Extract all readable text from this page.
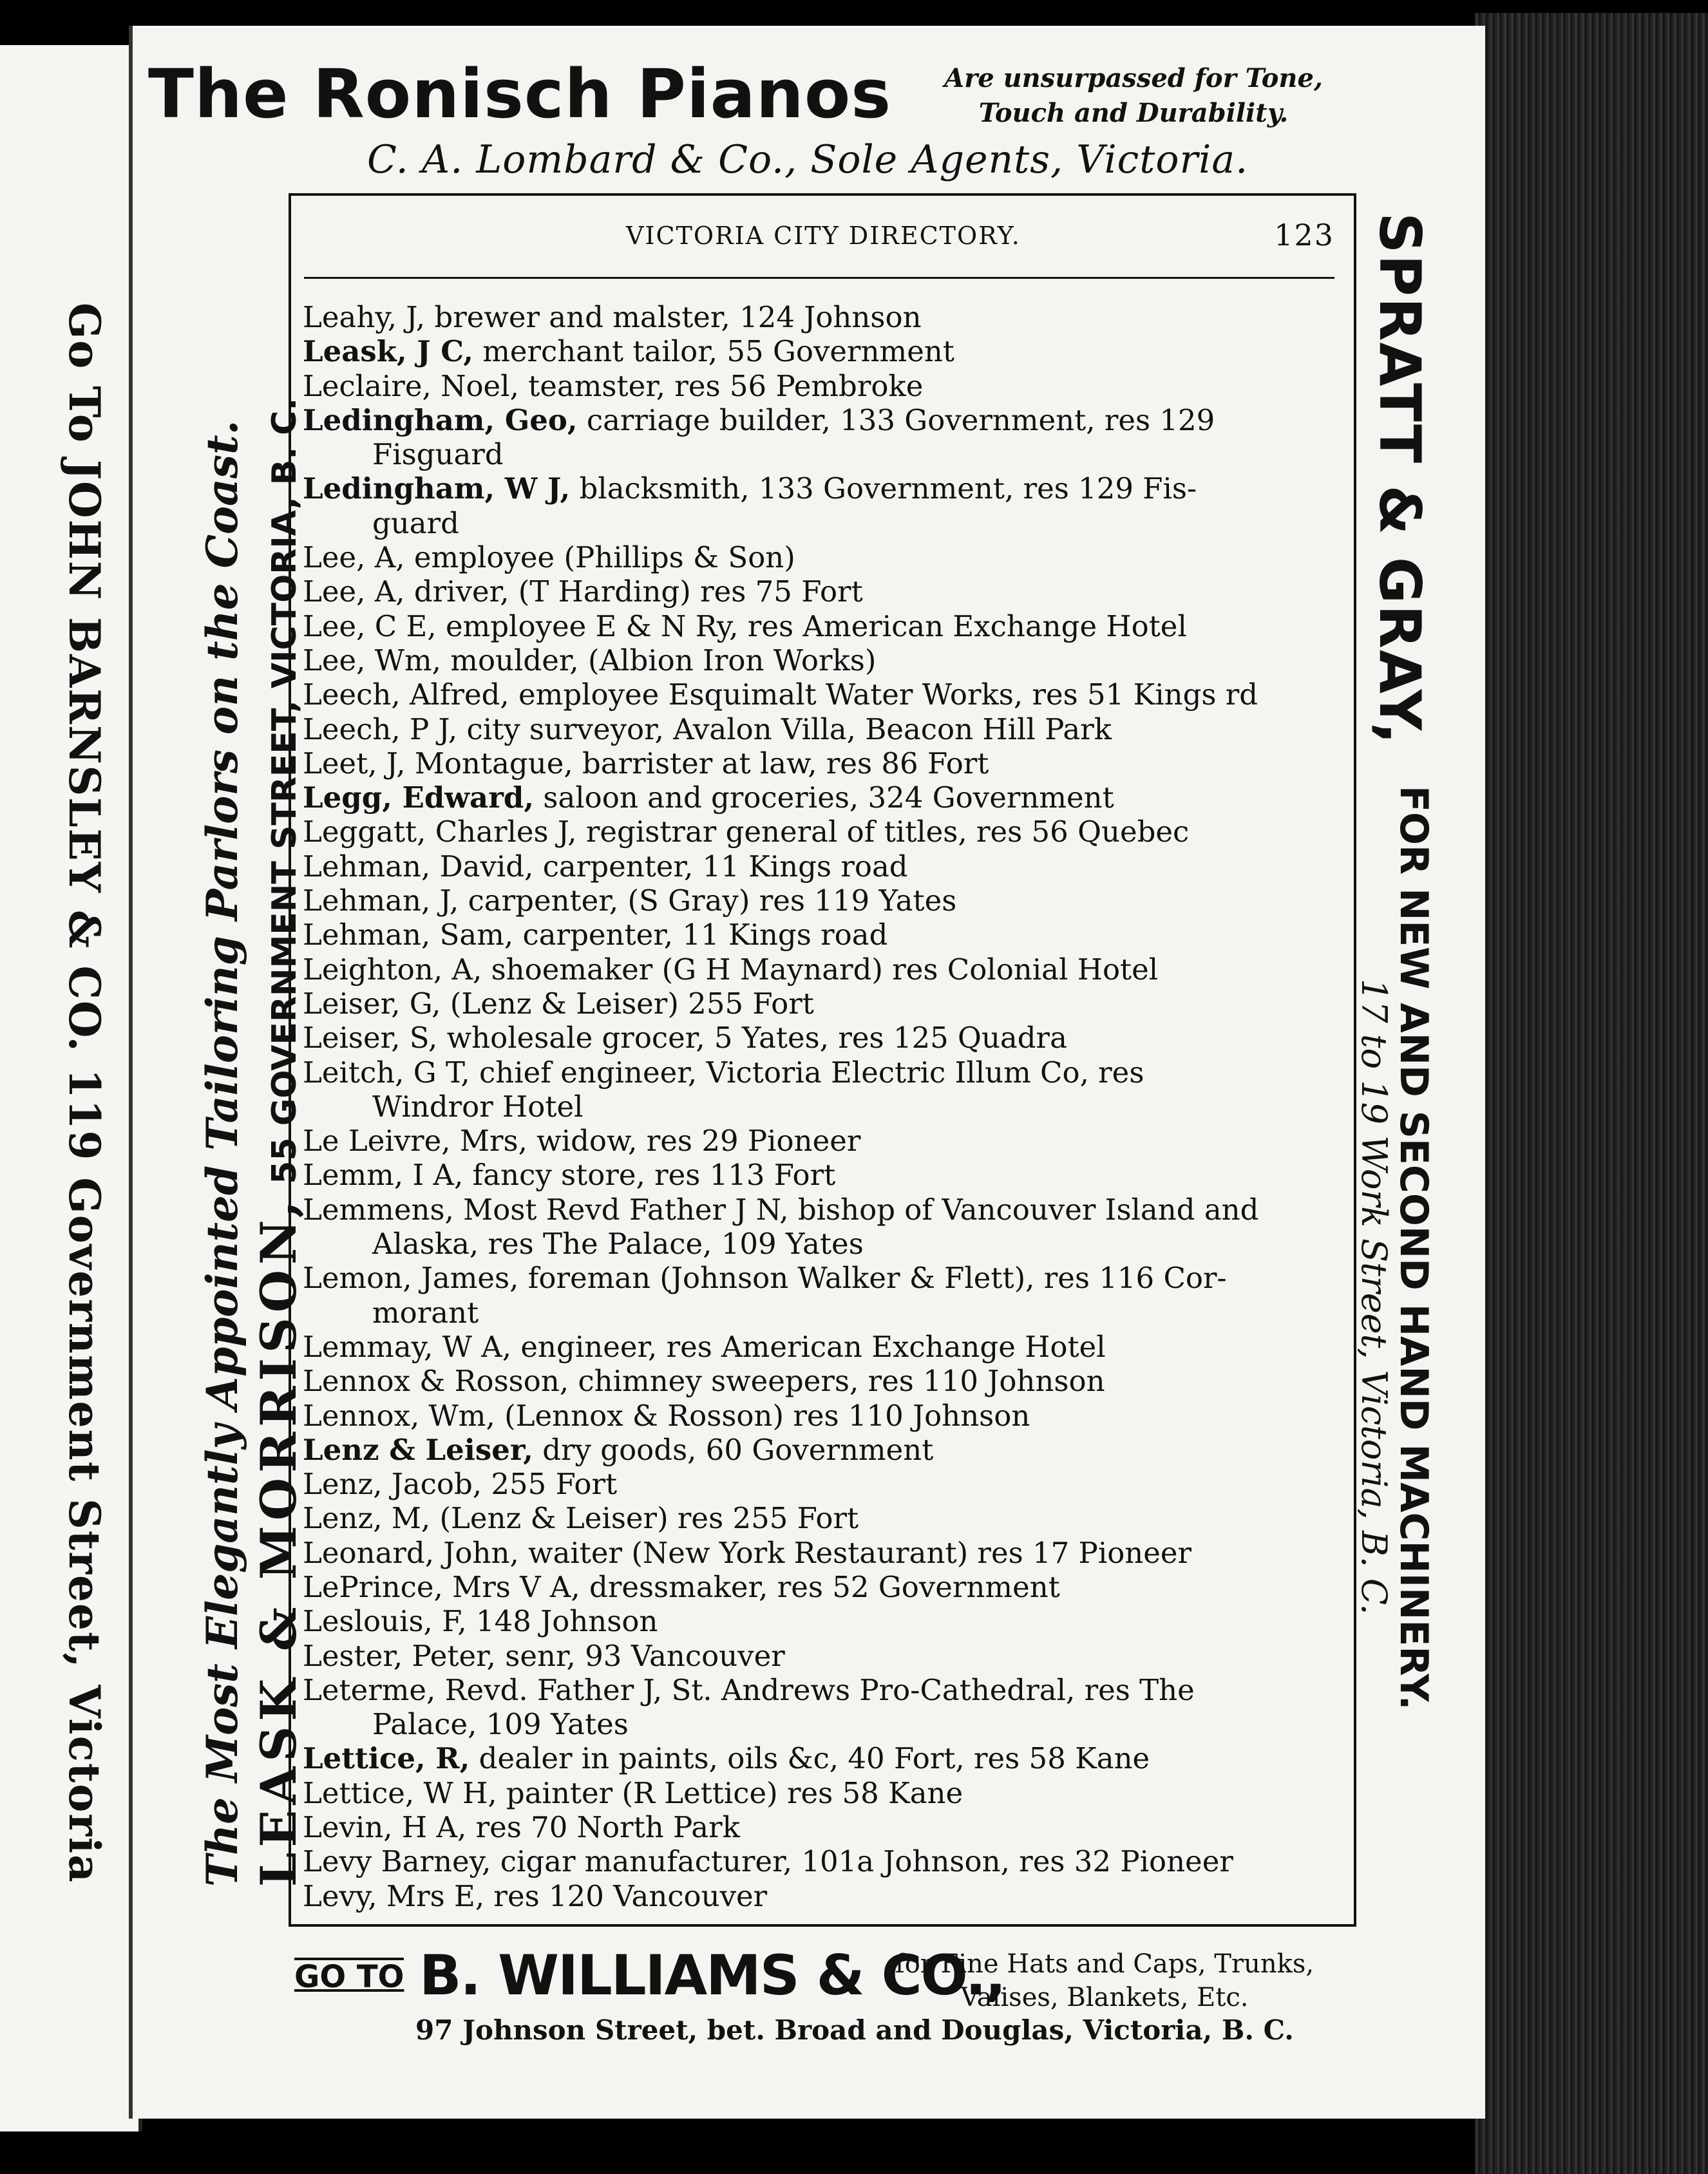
Go To JOHN BARNSLEY & CO. 119 Government Street, Victoria
The Ronisch Pianos Are unsurpassed for Tone,
Touch and Durability.
C. A. Lombard & Co., Sole Agents, Victoria.
The Most Elegantly Appointed Tailoring Parlors on the Coast. LEASK & MORRISON, 55 GOVERNMENT STREET, VICTORIA, B. C.	SPRATT & GRAY,
FOR NEW AND SECOND HAND MACHINERY.
17 to 19 Work Street, Victoria, B. C.
VICTORIA CITY DIRECTORY.	123
Leahy, J, brewer and malster, 124 Johnson
Leask, J C, merchant tailor, 55 Government
Leclaire, Noel, teamster, res 56 Pembroke
Ledingham, Geo, carriage builder, 133 Government, res 129
Fisguard
Ledingham, W J, blacksmith, 133 Government, res 129 Fis-
guard
Lee, A, employee (Phillips & Son)
Lee, A, driver, (T Harding) res 75 Fort
Lee, C E, employee E & N Ry, res American Exchange Hotel
Lee, Wm, moulder, (Albion Iron Works)
Leech, Alfred, employee Esquimalt Water Works, res 51 Kings rd
Leech, P J, city surveyor, Avalon Villa, Beacon Hill Park
Leet, J, Montague, barrister at law, res 86 Fort
Legg, Edward, saloon and groceries, 324 Government
Leggatt, Charles J, registrar general of titles, res 56 Quebec
Lehman, David, carpenter, 11 Kings road
Lehman, J, carpenter, (S Gray) res 119 Yates
Lehman, Sam, carpenter, 11 Kings road
Leighton, A, shoemaker (G H Maynard) res Colonial Hotel
Leiser, G, (Lenz & Leiser) 255 Fort
Leiser, S, wholesale grocer, 5 Yates, res 125 Quadra
Leitch, G T, chief engineer, Victoria Electric Illum Co, res
Windror Hotel
Le Leivre, Mrs, widow, res 29 Pioneer
Lemm, I A, fancy store, res 113 Fort
Lemmens, Most Revd Father J N, bishop of Vancouver Island and
Alaska, res The Palace, 109 Yates
Lemon, James, foreman (Johnson Walker & Flett), res 116 Cor-
morant
Lemmay, W A, engineer, res American Exchange Hotel
Lennox & Rosson, chimney sweepers, res 110 Johnson
Lennox, Wm, (Lennox & Rosson) res 110 Johnson
Lenz & Leiser, dry goods, 60 Government
Lenz, Jacob, 255 Fort
Lenz, M, (Lenz & Leiser) res 255 Fort
Leonard, John, waiter (New York Restaurant) res 17 Pioneer
LePrince, Mrs V A, dressmaker, res 52 Government
Leslouis, F, 148 Johnson
Lester, Peter, senr, 93 Vancouver
Leterme, Revd. Father J, St. Andrews Pro-Cathedral, res The
Palace, 109 Yates
Lettice, R, dealer in paints, oils &c, 40 Fort, res 58 Kane
Lettice, W H, painter (R Lettice) res 58 Kane
Levin, H A, res 70 North Park
Levy Barney, cigar manufacturer, 101a Johnson, res 32 Pioneer
Levy, Mrs E, res 120 Vancouver
GO TO B. WILLIAMS & CO.,
for Fine Hats and Caps, Trunks,
Valises, Blankets, Etc.
97 Johnson Street, bet. Broad and Douglas, Victoria, B. C.
